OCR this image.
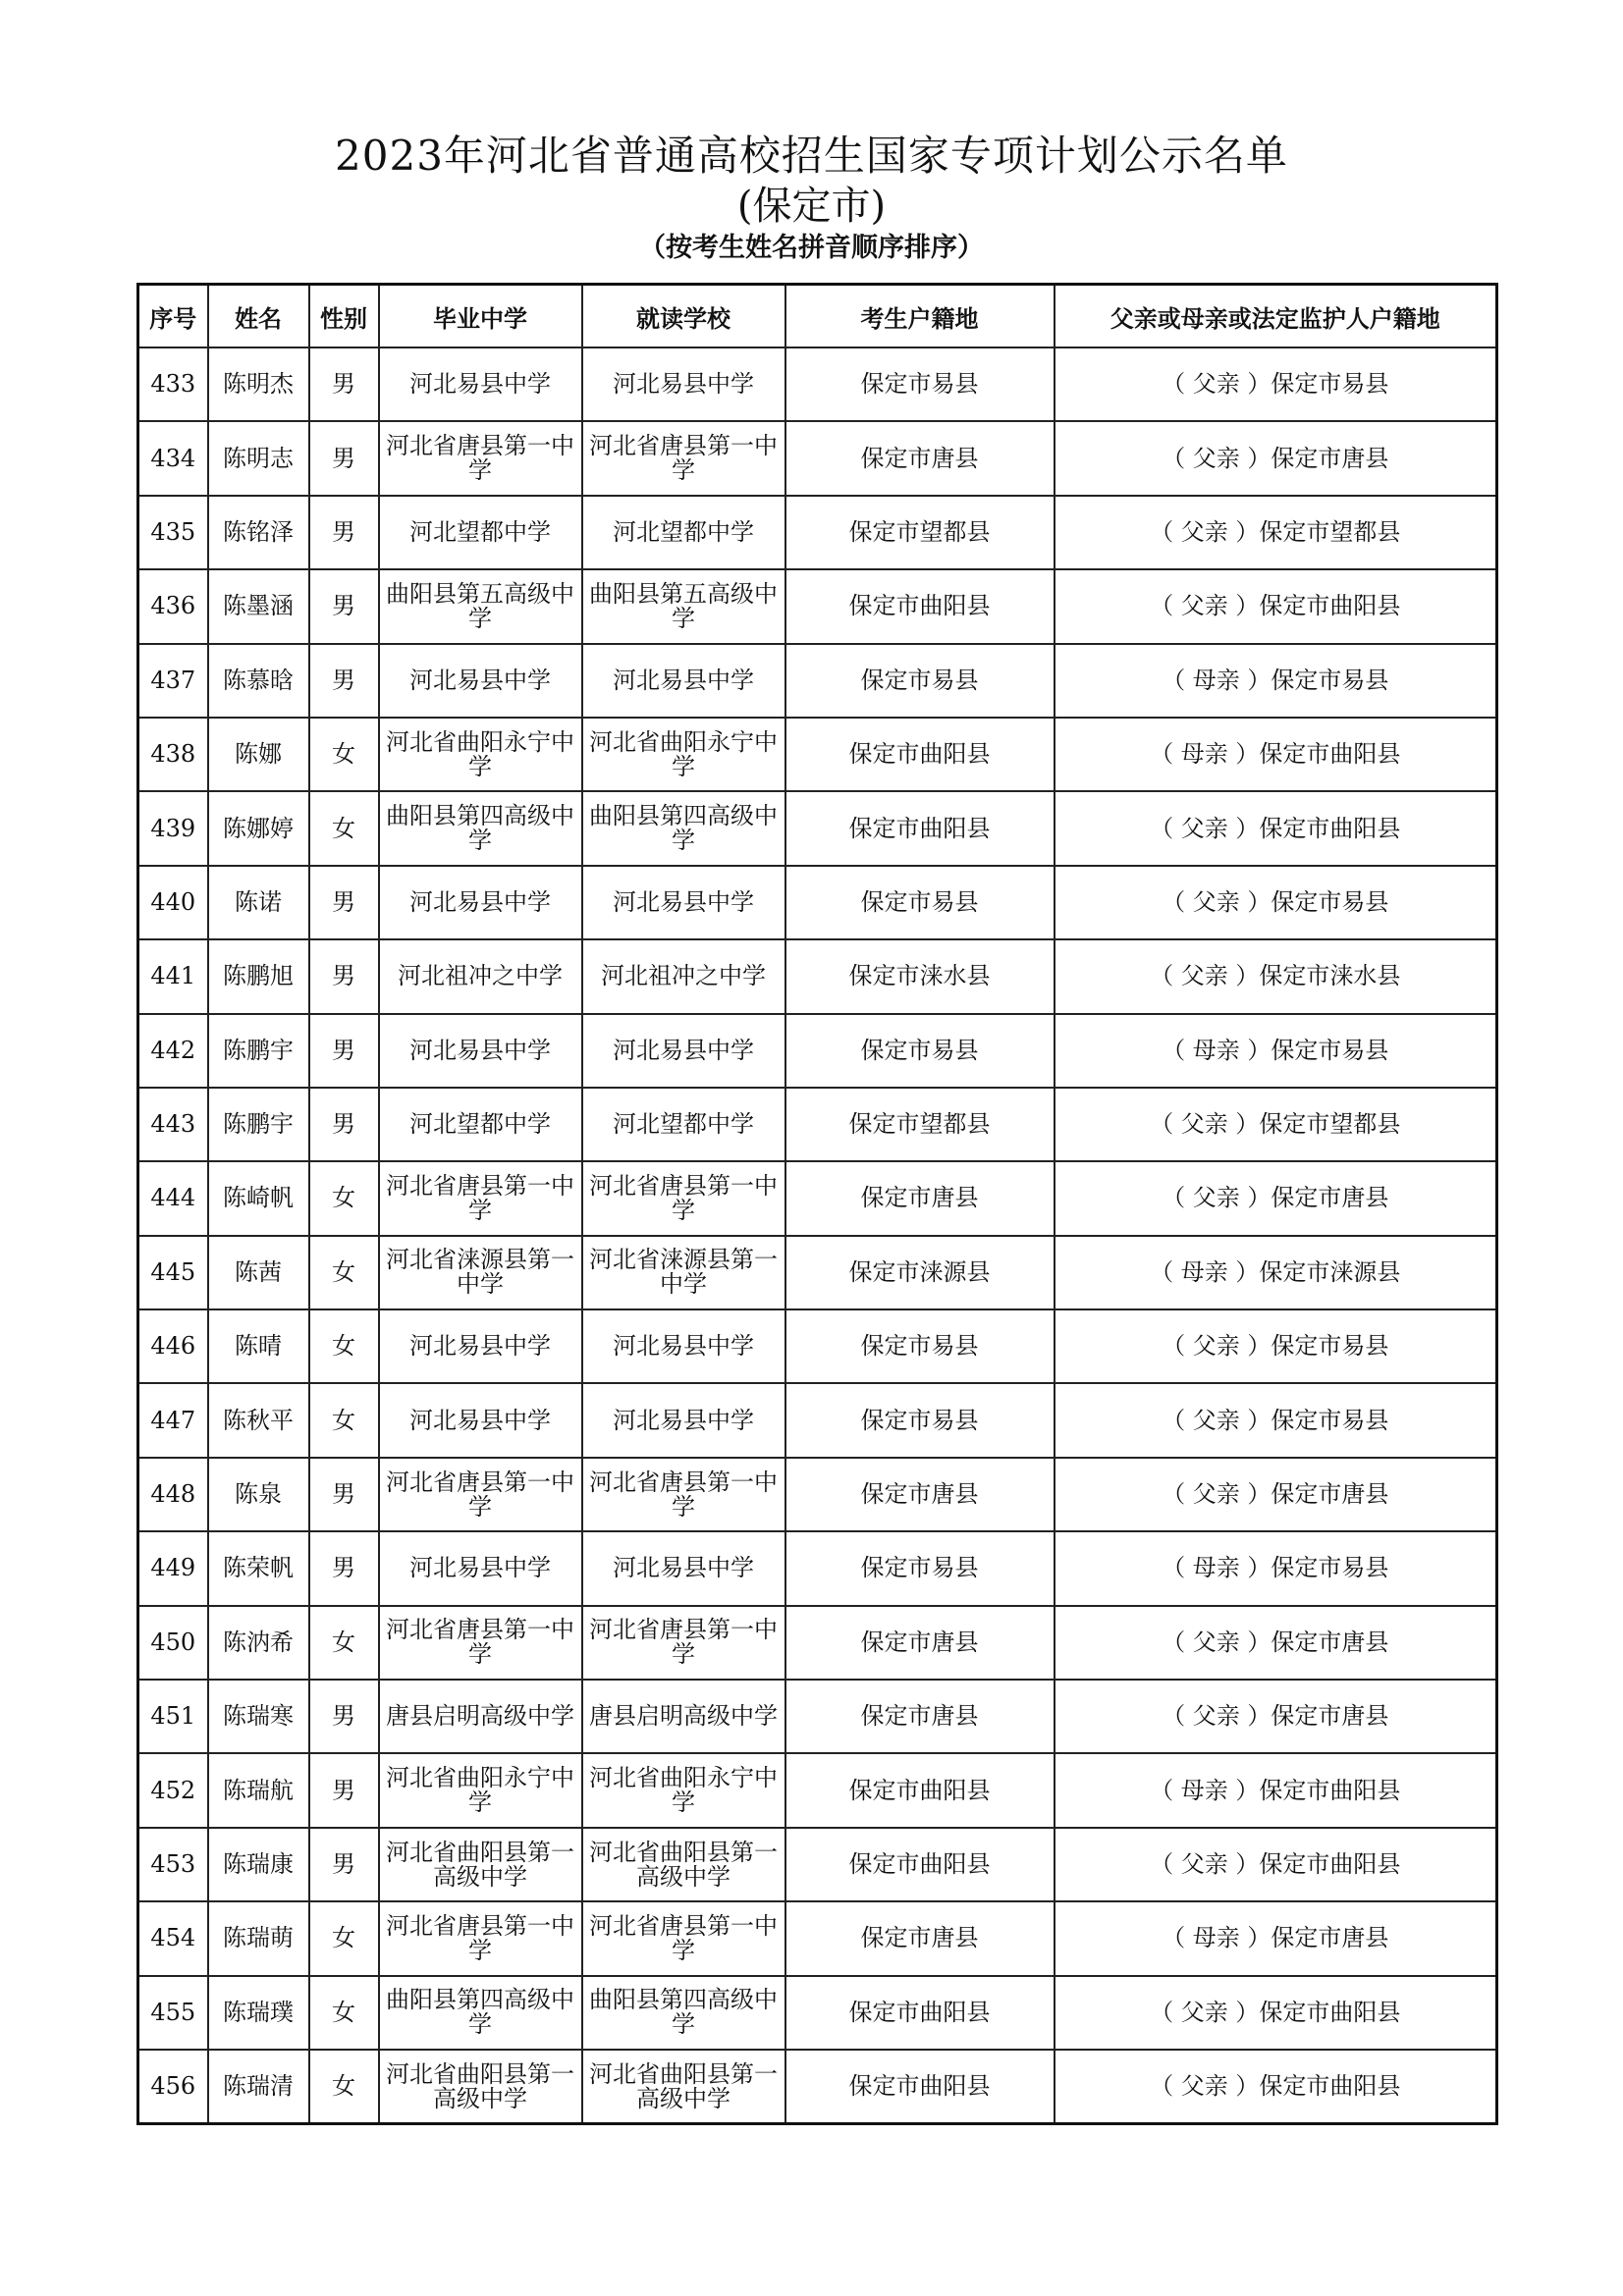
2023年河北省普通高校招生国家专项计划公示名单
(保定市)
（按考生姓名拼音顺序排序）
序号	姓名	性别	毕业中学	就读学校	考生户籍地	父亲或母亲或法定监护人户籍地
433	陈明杰	男	河北易县中学	河北易县中学	保定市易县	（ 父亲 ）保定市易县
434	陈明志	男	河北省唐县第一中学	河北省唐县第一中学	保定市唐县	（ 父亲 ）保定市唐县
435	陈铭泽	男	河北望都中学	河北望都中学	保定市望都县	（ 父亲 ）保定市望都县
436	陈墨涵	男	曲阳县第五高级中学	曲阳县第五高级中学	保定市曲阳县	（ 父亲 ）保定市曲阳县
437	陈慕晗	男	河北易县中学	河北易县中学	保定市易县	（ 母亲 ）保定市易县
438	陈娜	女	河北省曲阳永宁中学	河北省曲阳永宁中学	保定市曲阳县	（ 母亲 ）保定市曲阳县
439	陈娜婷	女	曲阳县第四高级中学	曲阳县第四高级中学	保定市曲阳县	（ 父亲 ）保定市曲阳县
440	陈诺	男	河北易县中学	河北易县中学	保定市易县	（ 父亲 ）保定市易县
441	陈鹏旭	男	河北祖冲之中学	河北祖冲之中学	保定市涞水县	（ 父亲 ）保定市涞水县
442	陈鹏宇	男	河北易县中学	河北易县中学	保定市易县	（ 母亲 ）保定市易县
443	陈鹏宇	男	河北望都中学	河北望都中学	保定市望都县	（ 父亲 ）保定市望都县
444	陈崎帆	女	河北省唐县第一中学	河北省唐县第一中学	保定市唐县	（ 父亲 ）保定市唐县
445	陈茜	女	河北省涞源县第一中学	河北省涞源县第一中学	保定市涞源县	（ 母亲 ）保定市涞源县
446	陈晴	女	河北易县中学	河北易县中学	保定市易县	（ 父亲 ）保定市易县
447	陈秋平	女	河北易县中学	河北易县中学	保定市易县	（ 父亲 ）保定市易县
448	陈泉	男	河北省唐县第一中学	河北省唐县第一中学	保定市唐县	（ 父亲 ）保定市唐县
449	陈荣帆	男	河北易县中学	河北易县中学	保定市易县	（ 母亲 ）保定市易县
450	陈汭希	女	河北省唐县第一中学	河北省唐县第一中学	保定市唐县	（ 父亲 ）保定市唐县
451	陈瑞寒	男	唐县启明高级中学	唐县启明高级中学	保定市唐县	（ 父亲 ）保定市唐县
452	陈瑞航	男	河北省曲阳永宁中学	河北省曲阳永宁中学	保定市曲阳县	（ 母亲 ）保定市曲阳县
453	陈瑞康	男	河北省曲阳县第一高级中学	河北省曲阳县第一高级中学	保定市曲阳县	（ 父亲 ）保定市曲阳县
454	陈瑞萌	女	河北省唐县第一中学	河北省唐县第一中学	保定市唐县	（ 母亲 ）保定市唐县
455	陈瑞璞	女	曲阳县第四高级中学	曲阳县第四高级中学	保定市曲阳县	（ 父亲 ）保定市曲阳县
456	陈瑞清	女	河北省曲阳县第一高级中学	河北省曲阳县第一高级中学	保定市曲阳县	（ 父亲 ）保定市曲阳县
